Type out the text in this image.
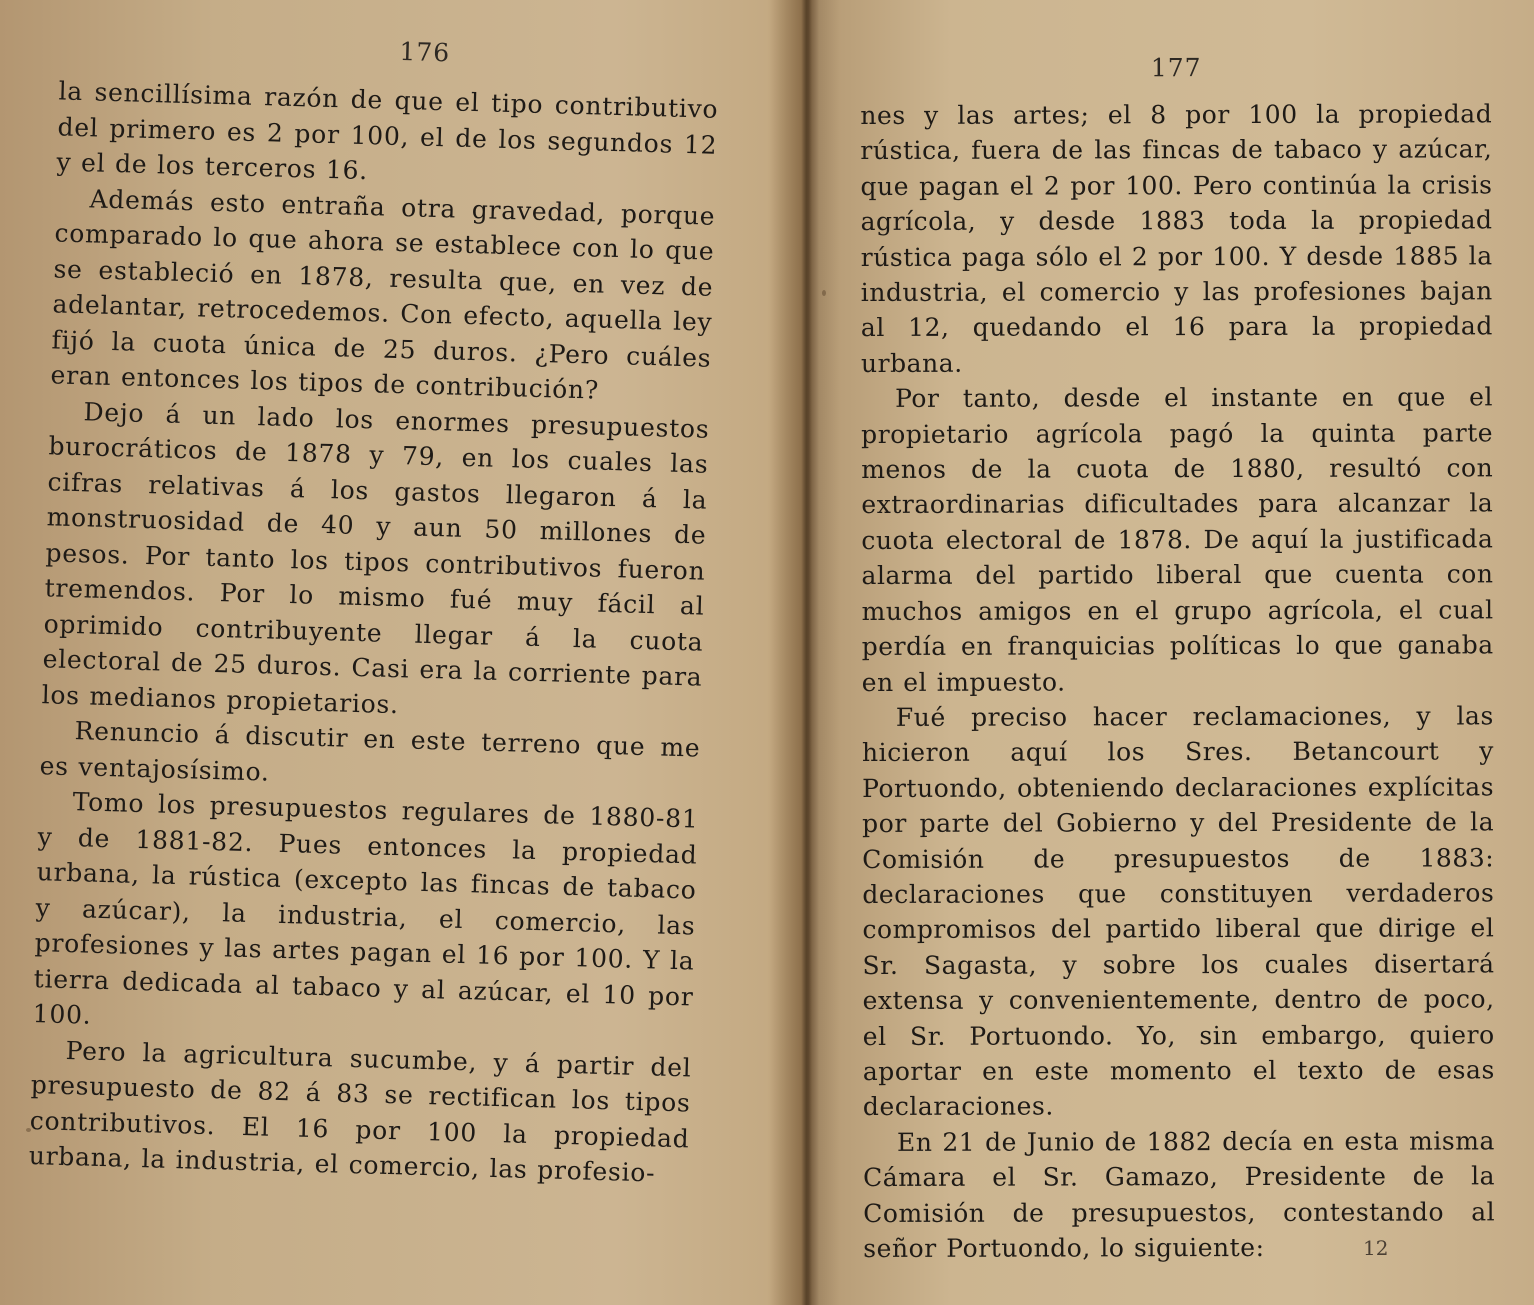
176

la sencillísima razón de que el tipo contributivo del primero es 2 por 100, el de los segundos 12 y el de los terceros 16.

Además esto entraña otra gravedad, porque comparado lo que ahora se establece con lo que se estableció en 1878, resulta que, en vez de adelantar, retrocedemos. Con efecto, aquella ley fijó la cuota única de 25 duros. ¿Pero cuáles eran entonces los tipos de contribución?

Dejo á un lado los enormes presupuestos burocráticos de 1878 y 79, en los cuales las cifras relativas á los gastos llegaron á la monstruosidad de 40 y aun 50 millones de pesos. Por tanto los tipos contributivos fueron tremendos. Por lo mismo fué muy fácil al oprimido contribuyente llegar á la cuota electoral de 25 duros. Casi era la corriente para los medianos propietarios.

Renuncio á discutir en este terreno que me es ventajosísimo.

Tomo los presupuestos regulares de 1880-81 y de 1881-82. Pues entonces la propiedad urbana, la rústica (excepto las fincas de tabaco y azúcar), la industria, el comercio, las profesiones y las artes pagan el 16 por 100. Y la tierra dedicada al tabaco y al azúcar, el 10 por 100.

Pero la agricultura sucumbe, y á partir del presupuesto de 82 á 83 se rectifican los tipos contributivos. El 16 por 100 la propiedad urbana, la industria, el comercio, las profesio-

177

nes y las artes; el 8 por 100 la propiedad rústica, fuera de las fincas de tabaco y azúcar, que pagan el 2 por 100. Pero continúa la crisis agrícola, y desde 1883 toda la propiedad rústica paga sólo el 2 por 100. Y desde 1885 la industria, el comercio y las profesiones bajan al 12, quedando el 16 para la propiedad urbana.

Por tanto, desde el instante en que el propietario agrícola pagó la quinta parte menos de la cuota de 1880, resultó con extraordinarias dificultades para alcanzar la cuota electoral de 1878. De aquí la justificada alarma del partido liberal que cuenta con muchos amigos en el grupo agrícola, el cual perdía en franquicias políticas lo que ganaba en el impuesto.

Fué preciso hacer reclamaciones, y las hicieron aquí los Sres. Betancourt y Portuondo, obteniendo declaraciones explícitas por parte del Gobierno y del Presidente de la Comisión de presupuestos de 1883: declaraciones que constituyen verdaderos compromisos del partido liberal que dirige el Sr. Sagasta, y sobre los cuales disertará extensa y convenientemente, dentro de poco, el Sr. Portuondo. Yo, sin embargo, quiero aportar en este momento el texto de esas declaraciones.

En 21 de Junio de 1882 decía en esta misma Cámara el Sr. Gamazo, Presidente de la Comisión de presupuestos, contestando al señor Portuondo, lo siguiente:	12
